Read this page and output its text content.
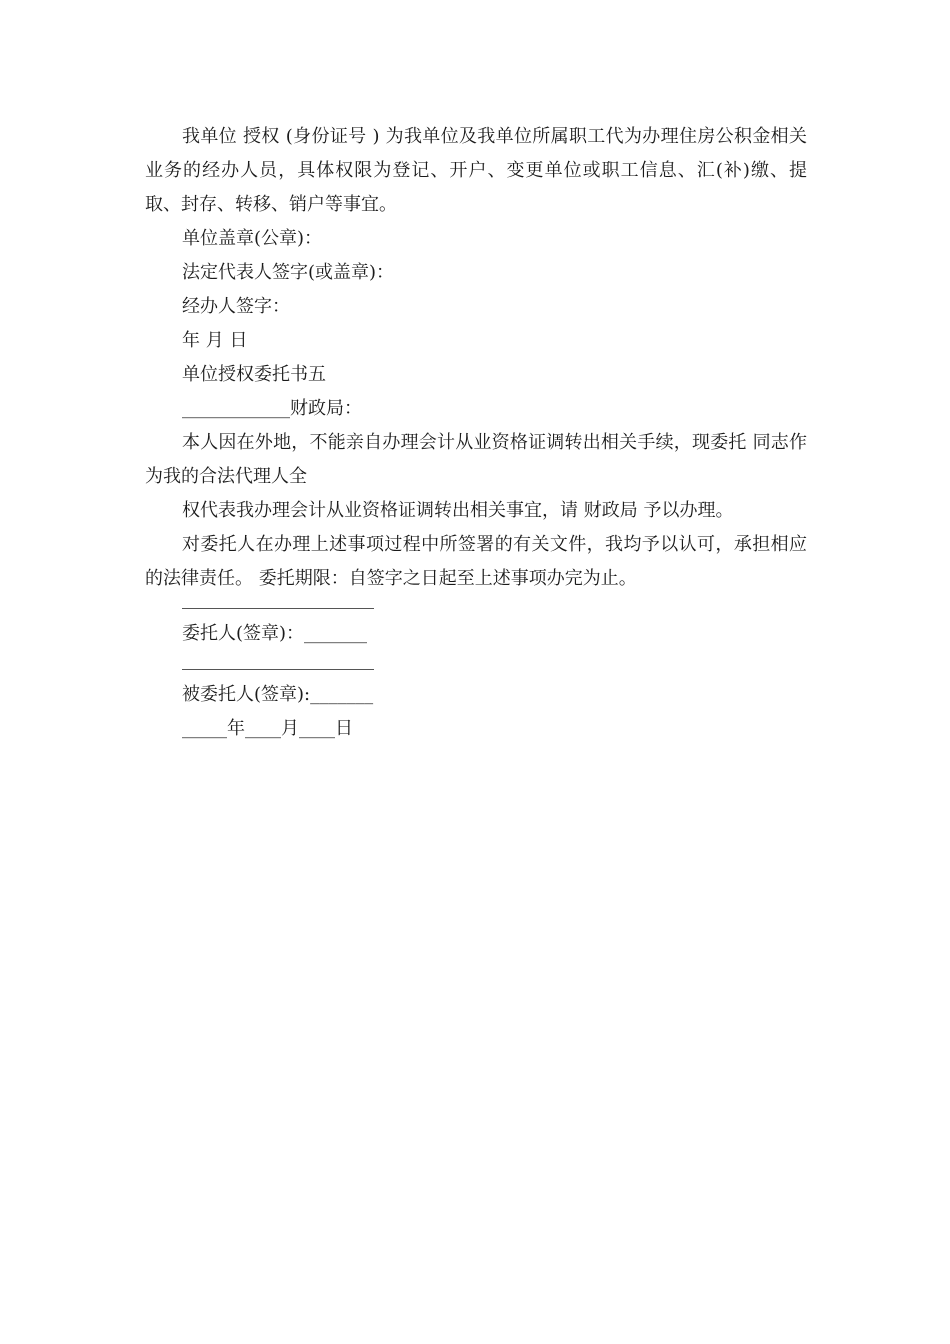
我单位 授权 (身份证号 ) 为我单位及我单位所属职工代为办理住房公积金相关业务的经办人员，具体权限为登记、开户、变更单位或职工信息、汇(补)缴、提取、封存、转移、销户等事宜。

单位盖章(公章)：

法定代表人签字(或盖章)：

经办人签字：

年 月 日

单位授权委托书五

____________财政局：

本人因在外地，不能亲自办理会计从业资格证调转出相关手续，现委托 同志作为我的合法代理人全

权代表我办理会计从业资格证调转出相关事宜，请 财政局 予以办理。

对委托人在办理上述事项过程中所签署的有关文件，我均予以认可，承担相应的法律责任。 委托期限：自签字之日起至上述事项办完为止。

委托人(签章)：_______

被委托人(签章):_______

_____年____月____日
